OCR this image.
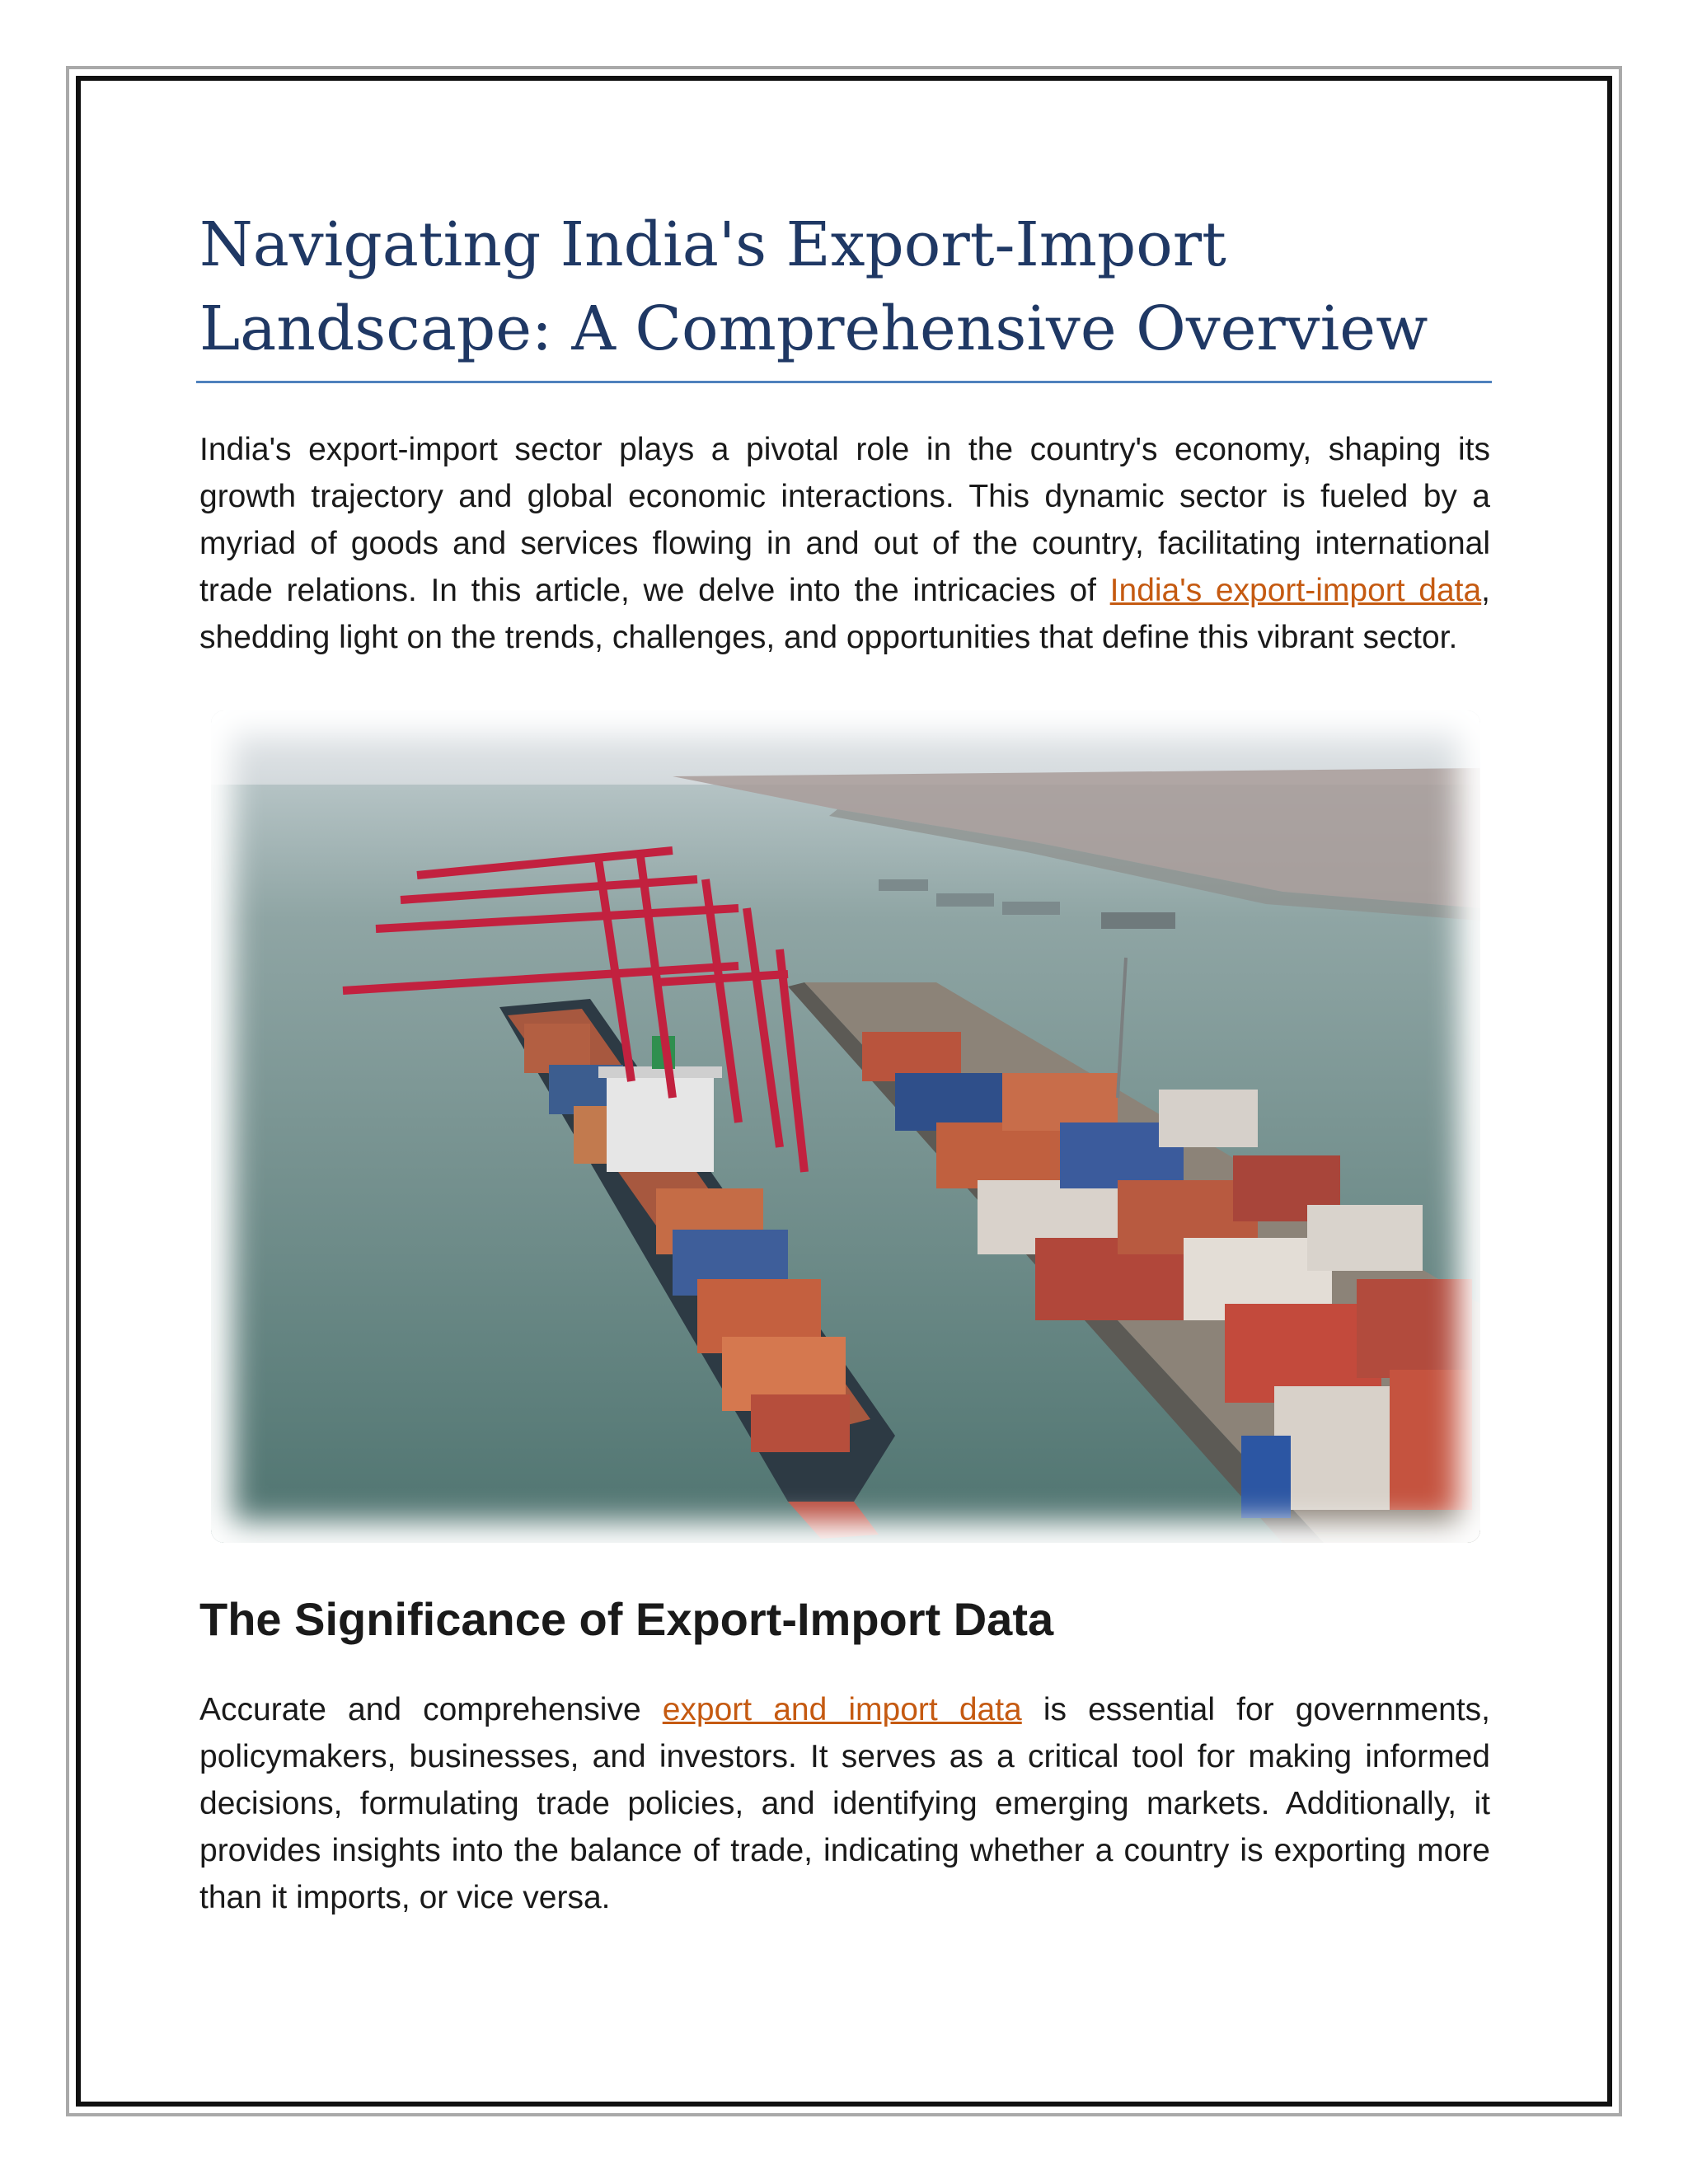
Navigating India's Export-Import
Landscape: A Comprehensive Overview

India's export-import sector plays a pivotal role in the country's economy, shaping its growth trajectory and global economic interactions. This dynamic sector is fueled by a myriad of goods and services flowing in and out of the country, facilitating international trade relations. In this article, we delve into the intricacies of India's export-import data, shedding light on the trends, challenges, and opportunities that define this vibrant sector.

The Significance of Export-Import Data

Accurate and comprehensive export and import data is essential for governments, policymakers, businesses, and investors. It serves as a critical tool for making informed decisions, formulating trade policies, and identifying emerging markets. Additionally, it provides insights into the balance of trade, indicating whether a country is exporting more than it imports, or vice versa.
